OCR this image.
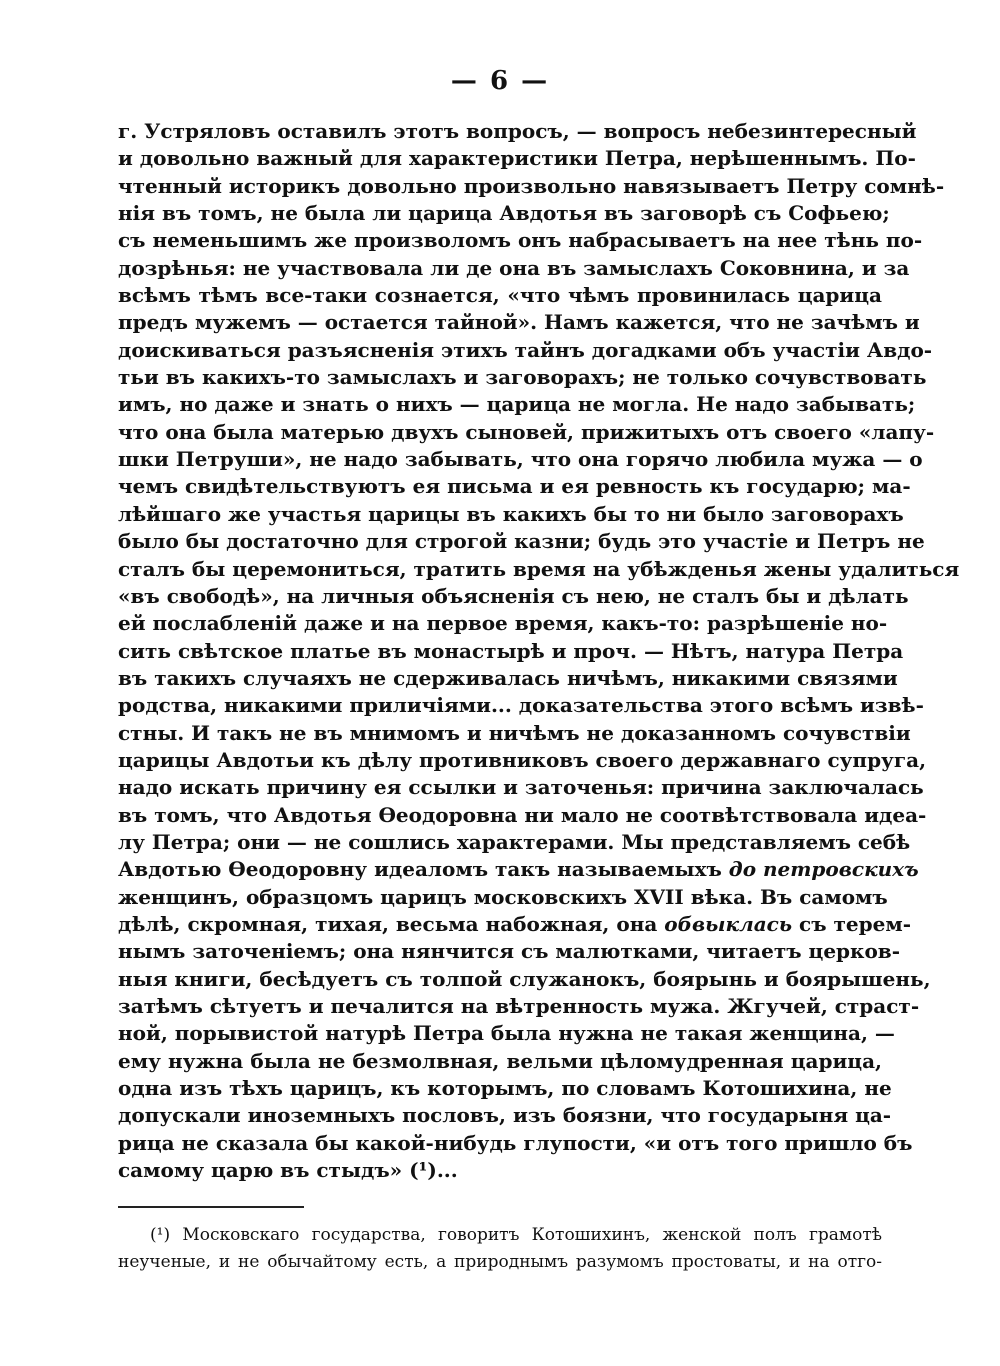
— 6 —
г. Устряловъ оставилъ этотъ вопросъ, — вопросъ небезинтересный
и довольно важный для характеристики Петра, нерѣшеннымъ. По-
чтенный историкъ довольно произвольно навязываетъ Петру сомнѣ-
нія въ томъ, не была ли царица Авдотья въ заговорѣ съ Софьею;
съ неменьшимъ же произволомъ онъ набрасываетъ на нее тѣнь по-
дозрѣнья: не участвовала ли де она въ замыслахъ Соковнина, и за
всѣмъ тѣмъ все-таки сознается, «что чѣмъ провинилась царица
предъ мужемъ — остается тайной». Намъ кажется, что не зачѣмъ и
доискиваться разъясненія этихъ тайнъ догадками объ участіи Авдо-
тьи въ какихъ-то замыслахъ и заговорахъ; не только сочувствовать
имъ, но даже и знать о нихъ — царица не могла. Не надо забывать;
что она была матерью двухъ сыновей, прижитыхъ отъ своего «лапу-
шки Петруши», не надо забывать, что она горячо любила мужа — о
чемъ свидѣтельствуютъ ея письма и ея ревность къ государю; ма-
лѣйшаго же участья царицы въ какихъ бы то ни было заговорахъ
было бы достаточно для строгой казни; будь это участіе и Петръ не
сталъ бы церемониться, тратить время на убѣжденья жены удалиться
«въ свободѣ», на личныя объясненія съ нею, не сталъ бы и дѣлать
ей послабленій даже и на первое время, какъ-то: разрѣшеніе но-
сить свѣтское платье въ монастырѣ и проч. — Нѣтъ, натура Петра
въ такихъ случаяхъ не сдерживалась ничѣмъ, никакими связями
родства, никакими приличіями... доказательства этого всѣмъ извѣ-
стны. И такъ не въ мнимомъ и ничѣмъ не доказанномъ сочувствіи
царицы Авдотьи къ дѣлу противниковъ своего державнаго супруга,
надо искать причину ея ссылки и заточенья: причина заключалась
въ томъ, что Авдотья Ѳеодоровна ни мало не соотвѣтствовала идеа-
лу Петра; они — не сошлись характерами. Мы представляемъ себѣ
Авдотью Ѳеодоровну идеаломъ такъ называемыхъ до петровскихъ
женщинъ, образцомъ царицъ московскихъ XVII вѣка. Въ самомъ
дѣлѣ, скромная, тихая, весьма набожная, она обвыклась съ терем-
нымъ заточеніемъ; она нянчится съ малютками, читаетъ церков-
ныя книги, бесѣдуетъ съ толпой служанокъ, боярынь и боярышень,
затѣмъ сѣтуетъ и печалится на вѣтренность мужа. Жгучей, страст-
ной, порывистой натурѣ Петра была нужна не такая женщина, —
ему нужна была не безмолвная, вельми цѣломудренная царица,
одна изъ тѣхъ царицъ, къ которымъ, по словамъ Котошихина, не
допускали иноземныхъ пословъ, изъ боязни, что государыня ца-
рица не сказала бы какой-нибудь глупости, «и отъ того пришло бъ
самому царю въ стыдъ» (¹)...
(¹) Московскаго государства, говоритъ Котошихинъ, женской полъ грамотѣ
неученые, и не обычайтому есть, а природнымъ разумомъ простоваты, и на отго-
